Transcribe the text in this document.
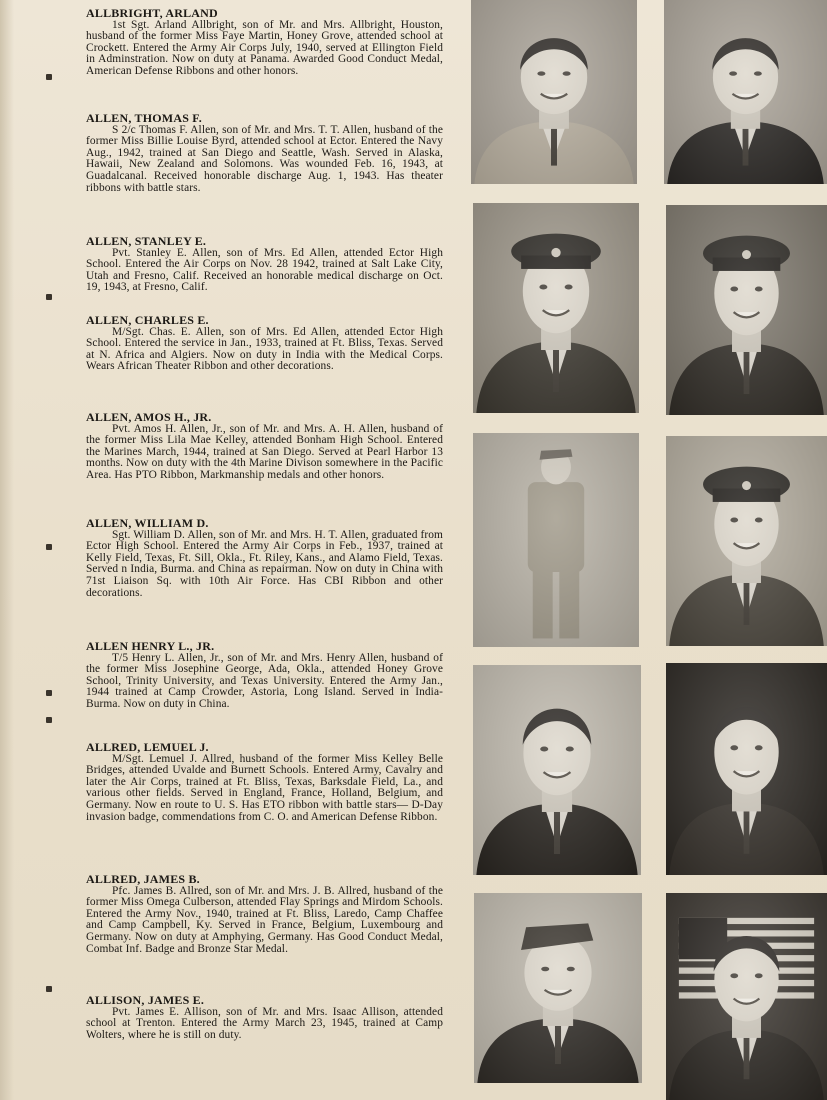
ALLBRIGHT, ARLAND
1st Sgt. Arland Allbright, son of Mr. and Mrs. Allbright, Houston, husband of the former Miss Faye Martin, Honey Grove, attended school at Crockett. Entered the Army Air Corps July, 1940, served at Ellington Field in Adminstration. Now on duty at Panama. Awarded Good Conduct Medal, American Defense Ribbons and other honors.
ALLEN, THOMAS F.
S 2/c Thomas F. Allen, son of Mr. and Mrs. T. T. Allen, husband of the former Miss Billie Louise Byrd, attended school at Ector. Entered the Navy Aug., 1942, trained at San Diego and Seattle, Wash. Served in Alaska, Hawaii, New Zealand and Solomons. Was wounded Feb. 16, 1943, at Guadalcanal. Received honorable discharge Aug. 1, 1943. Has theater ribbons with battle stars.
ALLEN, STANLEY E.
Pvt. Stanley E. Allen, son of Mrs. Ed Allen, attended Ector High School. Entered the Air Corps on Nov. 28 1942, trained at Salt Lake City, Utah and Fresno, Calif. Received an honorable medical discharge on Oct. 19, 1943, at Fresno, Calif.
ALLEN, CHARLES E.
M/Sgt. Chas. E. Allen, son of Mrs. Ed Allen, attended Ector High School. Entered the service in Jan., 1933, trained at Ft. Bliss, Texas. Served at N. Africa and Algiers. Now on duty in India with the Medical Corps. Wears African Theater Ribbon and other decorations.
ALLEN, AMOS H., JR.
Pvt. Amos H. Allen, Jr., son of Mr. and Mrs. A. H. Allen, husband of the former Miss Lila Mae Kelley, attended Bonham High School. Entered the Marines March, 1944, trained at San Diego. Served at Pearl Harbor 13 months. Now on duty with the 4th Marine Divison somewhere in the Pacific Area. Has PTO Ribbon, Markmanship medals and other honors.
ALLEN, WILLIAM D.
Sgt. William D. Allen, son of Mr. and Mrs. H. T. Allen, graduated from Ector High School. Entered the Army Air Corps in Feb., 1937, trained at Kelly Field, Texas, Ft. Sill, Okla., Ft. Riley, Kans., and Alamo Field, Texas. Served n India, Burma. and China as repairman. Now on duty in China with 71st Liaison Sq. with 10th Air Force. Has CBI Ribbon and other decorations.
ALLEN HENRY L., JR.
T/5 Henry L. Allen, Jr., son of Mr. and Mrs. Henry Allen, husband of the former Miss Josephine George, Ada, Okla., attended Honey Grove School, Trinity University, and Texas University. Entered the Army Jan., 1944 trained at Camp Crowder, Astoria, Long Island. Served in India-Burma. Now on duty in China.
ALLRED, LEMUEL J.
M/Sgt. Lemuel J. Allred, husband of the former Miss Kelley Belle Bridges, attended Uvalde and Burnett Schools. Entered Army, Cavalry and later the Air Corps, trained at Ft. Bliss, Texas, Barksdale Field, La., and various other fields. Served in England, France, Holland, Belgium, and Germany. Now en route to U. S. Has ETO ribbon with battle stars— D-Day invasion badge, commendations from C. O. and American Defense Ribbon.
ALLRED, JAMES B.
Pfc. James B. Allred, son of Mr. and Mrs. J. B. Allred, husband of the former Miss Omega Culberson, attended Flay Springs and Mirdom Schools. Entered the Army Nov., 1940, trained at Ft. Bliss, Laredo, Camp Chaffee and Camp Campbell, Ky. Served in France, Belgium, Luxembourg and Germany. Now on duty at Amphying, Germany. Has Good Conduct Medal, Combat Inf. Badge and Bronze Star Medal.
ALLISON, JAMES E.
Pvt. James E. Allison, son of Mr. and Mrs. Isaac Allison, attended school at Trenton. Entered the Army March 23, 1945, trained at Camp Wolters, where he is still on duty.
